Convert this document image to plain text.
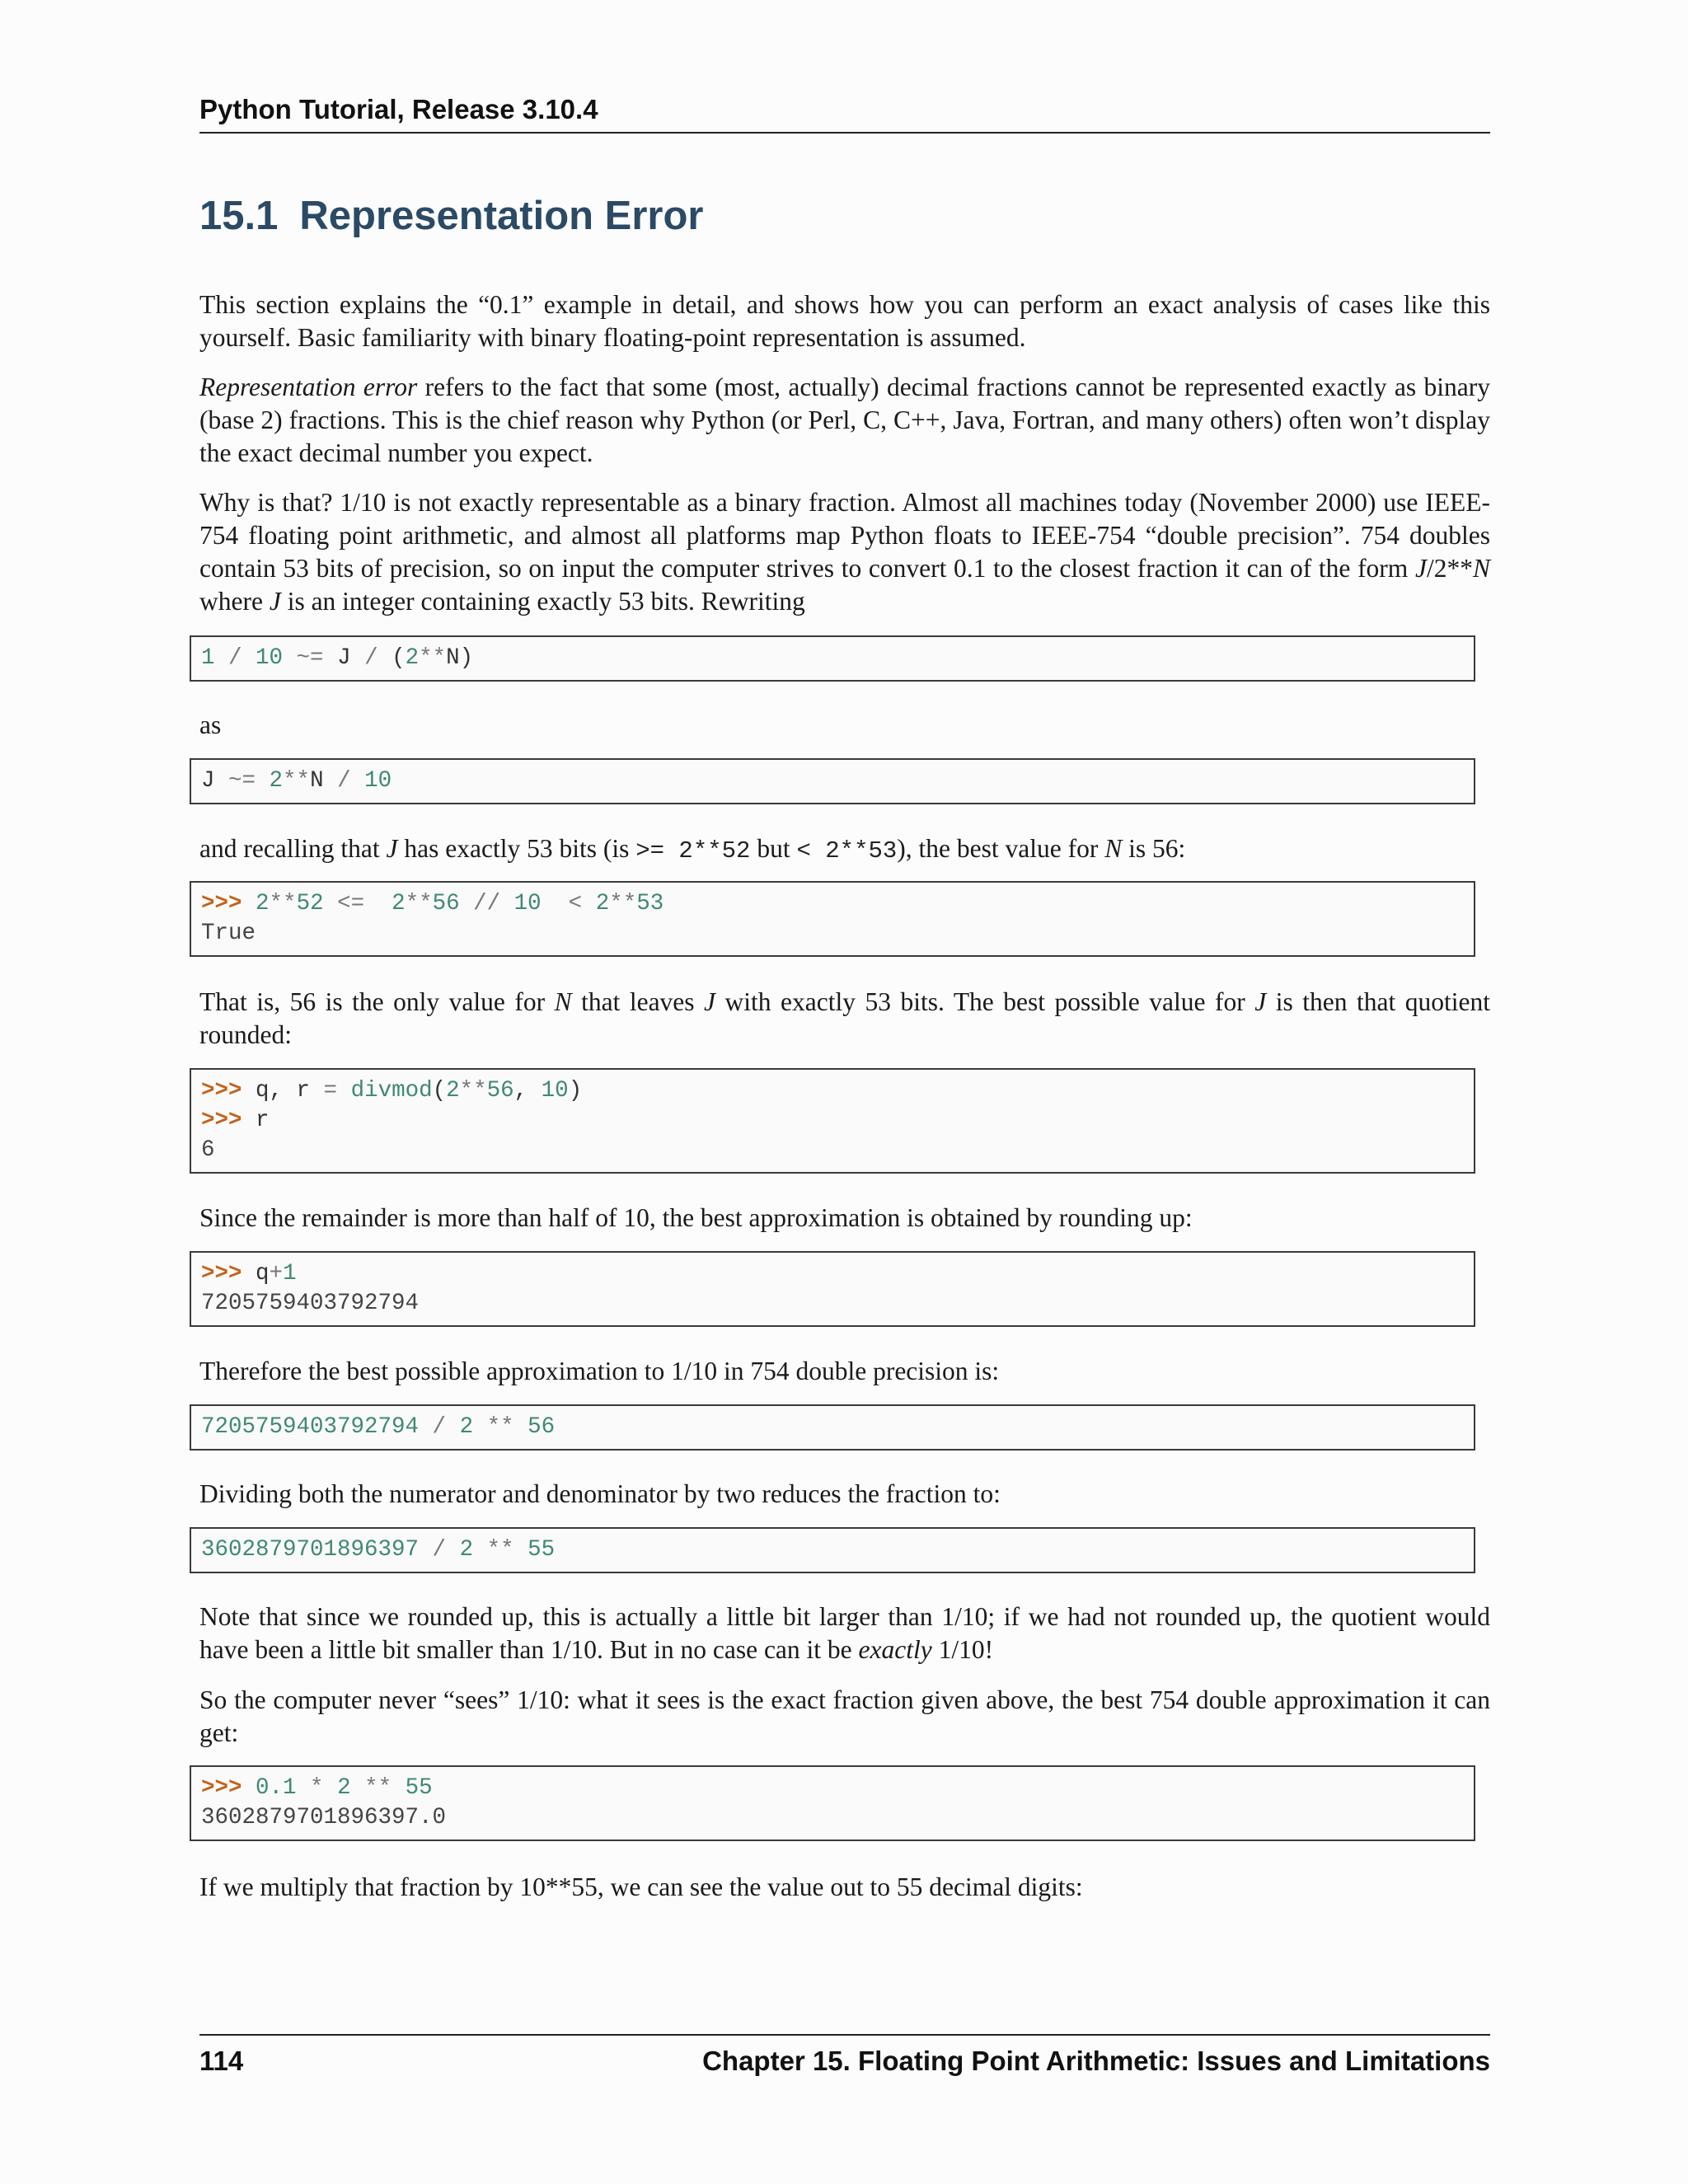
Python Tutorial, Release 3.10.4
15.1 Representation Error

This section explains the “0.1” example in detail, and shows how you can perform an exact analysis of cases like this yourself. Basic familiarity with binary floating-point representation is assumed.

Representation error refers to the fact that some (most, actually) decimal fractions cannot be represented exactly as binary (base 2) fractions. This is the chief reason why Python (or Perl, C, C++, Java, Fortran, and many others) often won’t display the exact decimal number you expect.

Why is that? 1/10 is not exactly representable as a binary fraction. Almost all machines today (November 2000) use IEEE-754 floating point arithmetic, and almost all platforms map Python floats to IEEE-754 “double precision”. 754 doubles contain 53 bits of precision, so on input the computer strives to convert 0.1 to the closest fraction it can of the form J/2**N where J is an integer containing exactly 53 bits. Rewriting

1 / 10 ~= J / (2**N)

as

J ~= 2**N / 10

and recalling that J has exactly 53 bits (is >= 2**52 but < 2**53), the best value for N is 56:

>>> 2**52 <=  2**56 // 10  < 2**53
True

That is, 56 is the only value for N that leaves J with exactly 53 bits. The best possible value for J is then that quotient rounded:

>>> q, r = divmod(2**56, 10)
>>> r
6

Since the remainder is more than half of 10, the best approximation is obtained by rounding up:

>>> q+1
7205759403792794

Therefore the best possible approximation to 1/10 in 754 double precision is:

7205759403792794 / 2 ** 56

Dividing both the numerator and denominator by two reduces the fraction to:

3602879701896397 / 2 ** 55

Note that since we rounded up, this is actually a little bit larger than 1/10; if we had not rounded up, the quotient would have been a little bit smaller than 1/10. But in no case can it be exactly 1/10!

So the computer never “sees” 1/10: what it sees is the exact fraction given above, the best 754 double approximation it can get:

>>> 0.1 * 2 ** 55
3602879701896397.0

If we multiply that fraction by 10**55, we can see the value out to 55 decimal digits:

114	Chapter 15. Floating Point Arithmetic: Issues and Limitations
